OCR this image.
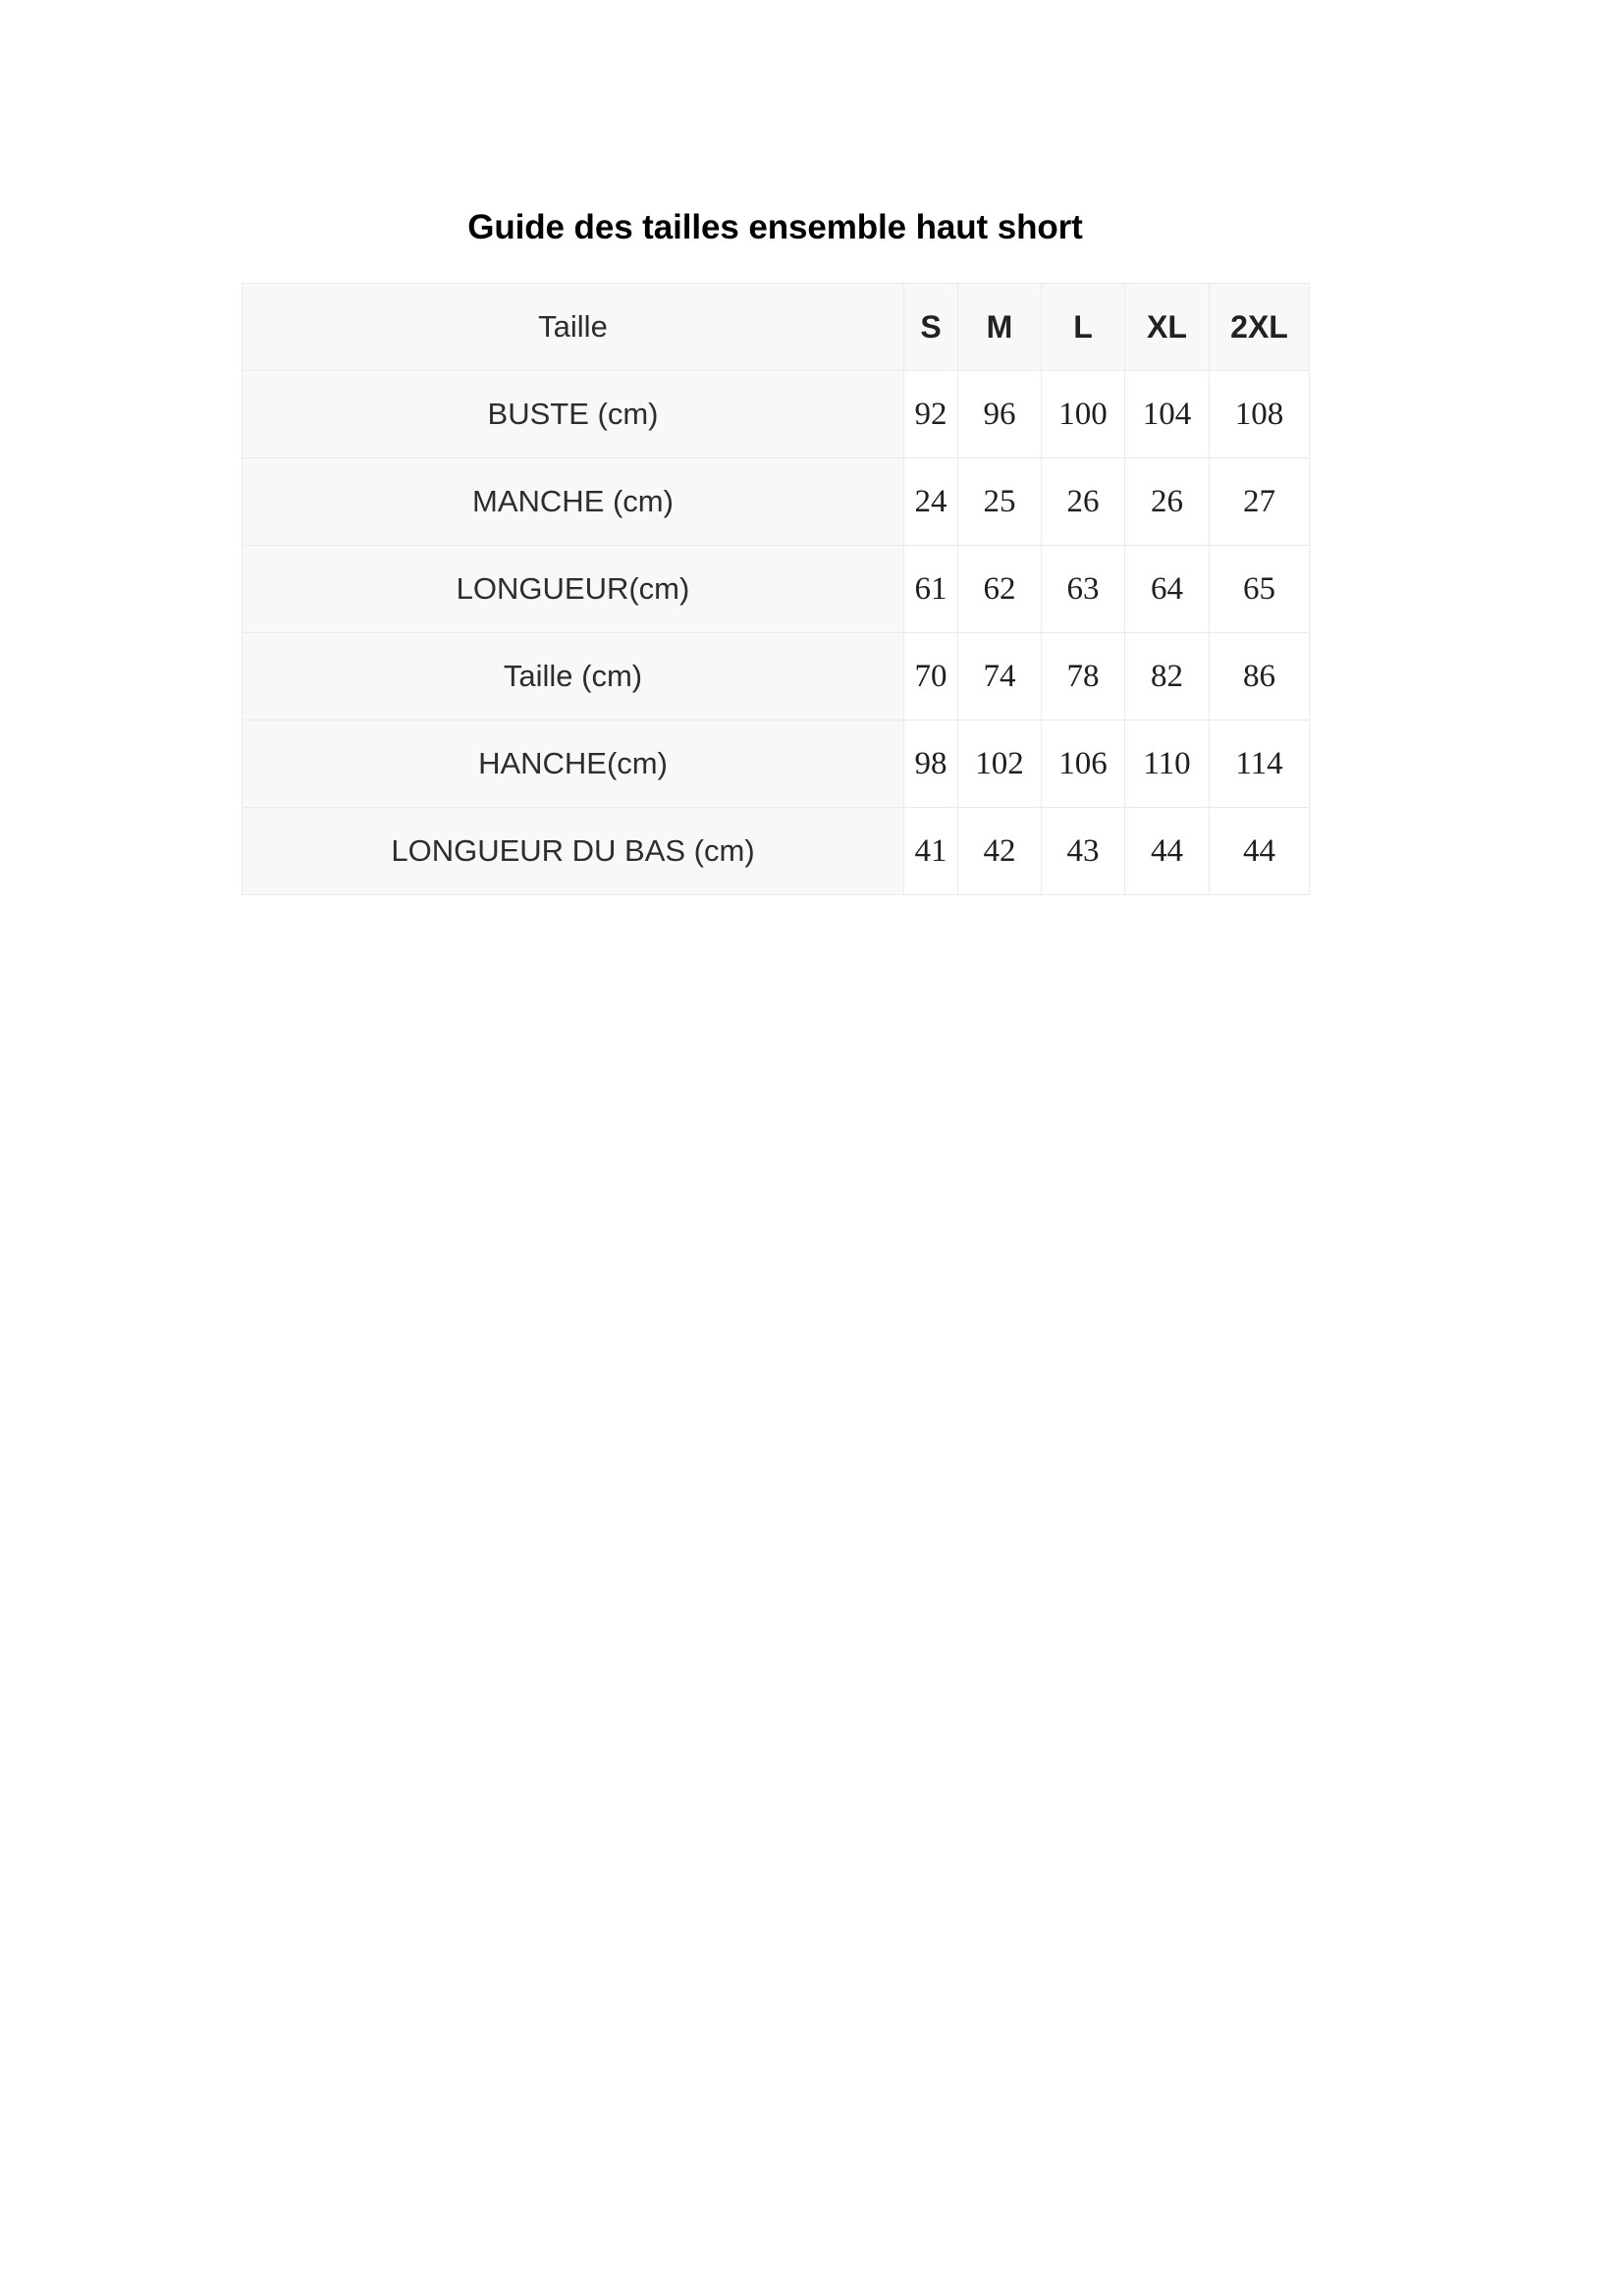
Guide des tailles ensemble haut short
Taille	S	M	L	XL	2XL
BUSTE (cm)	92	96	100	104	108
MANCHE (cm)	24	25	26	26	27
LONGUEUR(cm)	61	62	63	64	65
Taille (cm)	70	74	78	82	86
HANCHE(cm)	98	102	106	110	114
LONGUEUR DU BAS (cm)	41	42	43	44	44
